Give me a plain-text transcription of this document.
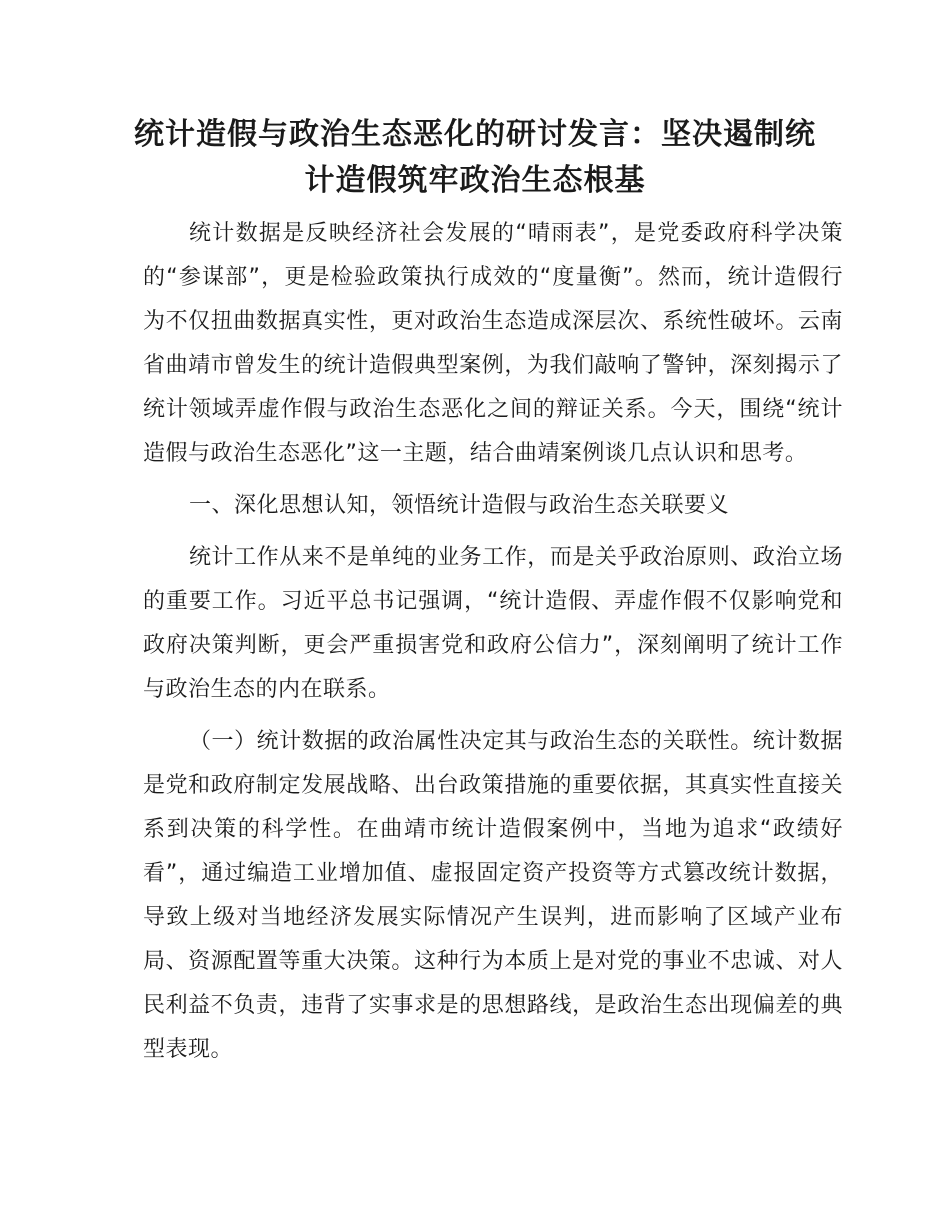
统计造假与政治生态恶化的研讨发言：坚决遏制统计造假筑牢政治生态根基

统计数据是反映经济社会发展的“晴雨表”，是党委政府科学决策的“参谋部”，更是检验政策执行成效的“度量衡”。然而，统计造假行为不仅扭曲数据真实性，更对政治生态造成深层次、系统性破坏。云南省曲靖市曾发生的统计造假典型案例，为我们敲响了警钟，深刻揭示了统计领域弄虚作假与政治生态恶化之间的辩证关系。今天，围绕“统计造假与政治生态恶化”这一主题，结合曲靖案例谈几点认识和思考。

一、深化思想认知，领悟统计造假与政治生态关联要义

统计工作从来不是单纯的业务工作，而是关乎政治原则、政治立场的重要工作。习近平总书记强调，“统计造假、弄虚作假不仅影响党和政府决策判断，更会严重损害党和政府公信力”，深刻阐明了统计工作与政治生态的内在联系。

（一）统计数据的政治属性决定其与政治生态的关联性。统计数据是党和政府制定发展战略、出台政策措施的重要依据，其真实性直接关系到决策的科学性。在曲靖市统计造假案例中，当地为追求“政绩好看”，通过编造工业增加值、虚报固定资产投资等方式篡改统计数据，导致上级对当地经济发展实际情况产生误判，进而影响了区域产业布局、资源配置等重大决策。这种行为本质上是对党的事业不忠诚、对人民利益不负责，违背了实事求是的思想路线，是政治生态出现偏差的典型表现。
